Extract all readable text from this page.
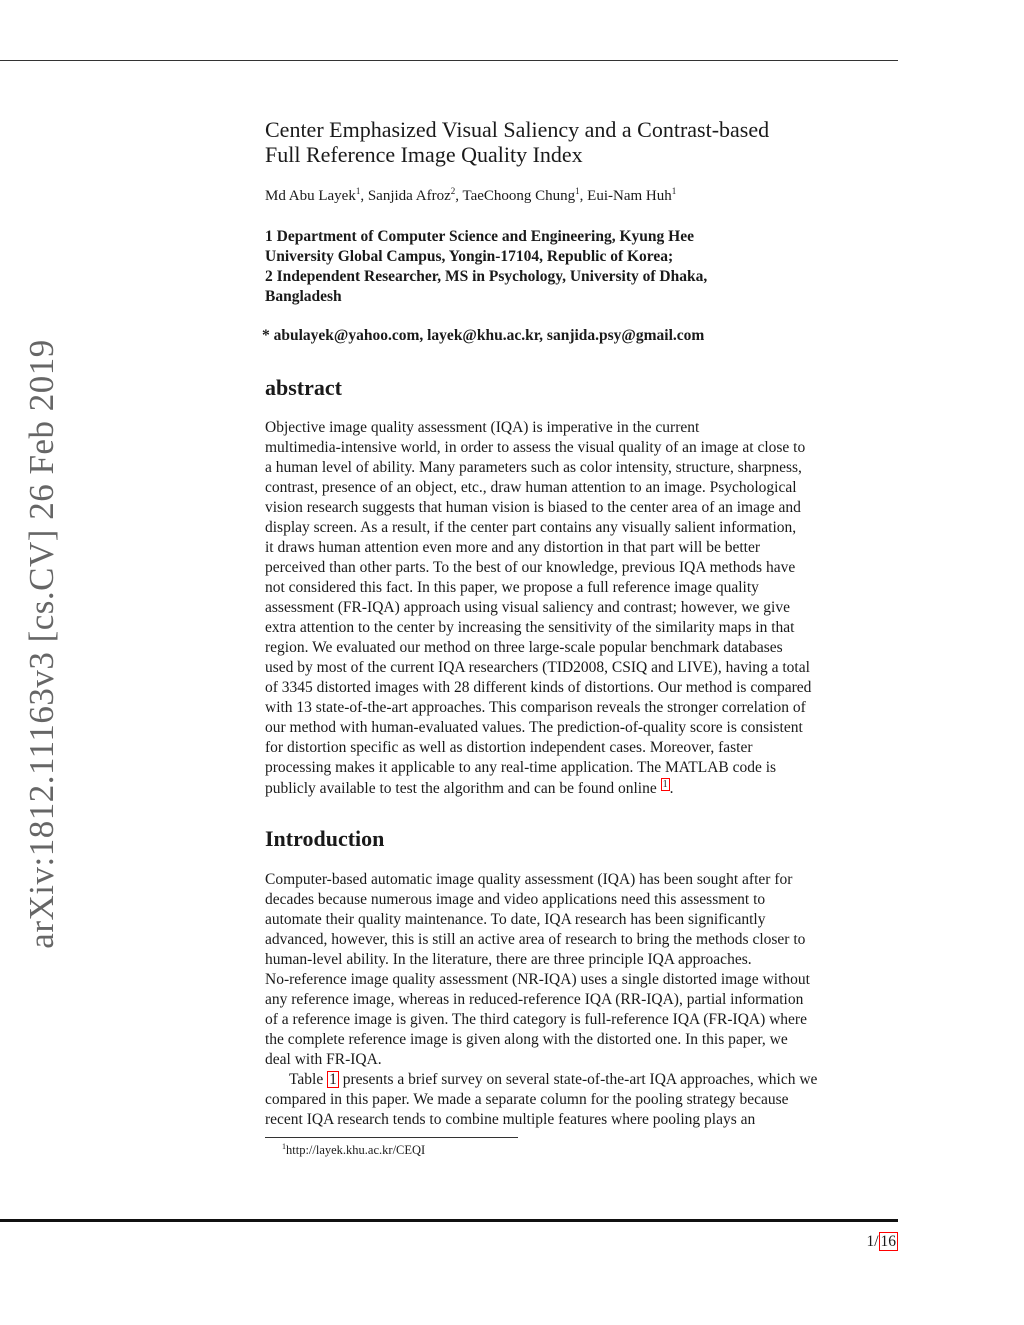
arXiv:1812.11163v3 [cs.CV] 26 Feb 2019
Center Emphasized Visual Saliency and a Contrast-based
Full Reference Image Quality Index

Md Abu Layek$^1$, Sanjida Afroz$^2$, TaeChoong Chung$^1$, Eui-Nam Huh$^1$

1 Department of Computer Science and Engineering, Kyung Hee
University Global Campus, Yongin-17104, Republic of Korea;
2 Independent Researcher, MS in Psychology, University of Dhaka,
Bangladesh
* abulayek@yahoo.com, layek@khu.ac.kr, sanjida.psy@gmail.com
abstract
Objective image quality assessment (IQA) is imperative in the current
multimedia-intensive world, in order to assess the visual quality of an image at close to
a human level of ability. Many parameters such as color intensity, structure, sharpness,
contrast, presence of an object, etc., draw human attention to an image. Psychological
vision research suggests that human vision is biased to the center area of an image and
display screen. As a result, if the center part contains any visually salient information,
it draws human attention even more and any distortion in that part will be better
perceived than other parts. To the best of our knowledge, previous IQA methods have
not considered this fact. In this paper, we propose a full reference image quality
assessment (FR-IQA) approach using visual saliency and contrast; however, we give
extra attention to the center by increasing the sensitivity of the similarity maps in that
region. We evaluated our method on three large-scale popular benchmark databases
used by most of the current IQA researchers (TID2008, CSIQ and LIVE), having a total
of 3345 distorted images with 28 different kinds of distortions. Our method is compared
with 13 state-of-the-art approaches. This comparison reveals the stronger correlation of
our method with human-evaluated values. The prediction-of-quality score is consistent
for distortion specific as well as distortion independent cases. Moreover, faster
processing makes it applicable to any real-time application. The MATLAB code is
publicly available to test the algorithm and can be found online 1 .
Introduction
Computer-based automatic image quality assessment (IQA) has been sought after for
decades because numerous image and video applications need this assessment to
automate their quality maintenance. To date, IQA research has been significantly
advanced, however, this is still an active area of research to bring the methods closer to
human-level ability. In the literature, there are three principle IQA approaches.
No-reference image quality assessment (NR-IQA) uses a single distorted image without
any reference image, whereas in reduced-reference IQA (RR-IQA), partial information
of a reference image is given. The third category is full-reference IQA (FR-IQA) where
the complete reference image is given along with the distorted one. In this paper, we
deal with FR-IQA.
Table 1 presents a brief survey on several state-of-the-art IQA approaches, which we
compared in this paper. We made a separate column for the pooling strategy because
recent IQA research tends to combine multiple features where pooling plays an
$^1$http://layek.khu.ac.kr/CEQI
1/ 16
